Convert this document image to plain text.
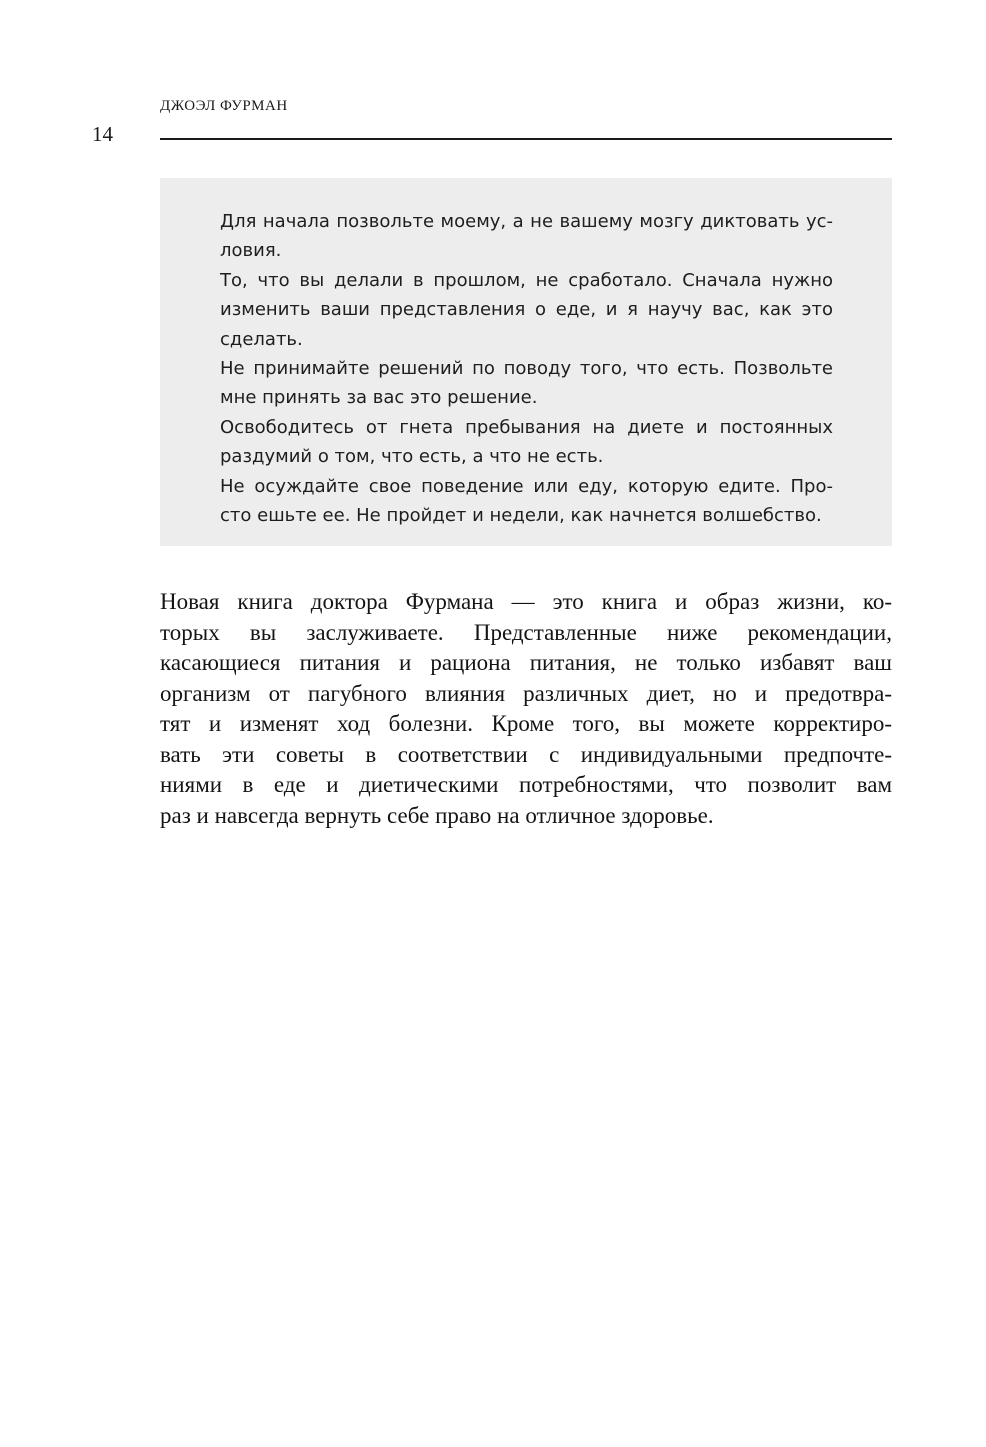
ДЖОЭЛ ФУРМАН
14
Для начала позвольте моему, а не вашему мозгу диктовать ус-
ловия.
То, что вы делали в прошлом, не сработало. Сначала нужно
изменить ваши представления о еде, и я научу вас, как это
сделать.
Не принимайте решений по поводу того, что есть. Позвольте
мне принять за вас это решение.
Освободитесь от гнета пребывания на диете и постоянных
раздумий о том, что есть, а что не есть.
Не осуждайте свое поведение или еду, которую едите. Про-
сто ешьте ее. Не пройдет и недели, как начнется волшебство.
Новая книга доктора Фурмана — это книга и образ жизни, ко-
торых вы заслуживаете. Представленные ниже рекомендации,
касающиеся питания и рациона питания, не только избавят ваш
организм от пагубного влияния различных диет, но и предотвра-
тят и изменят ход болезни. Кроме того, вы можете корректиро-
вать эти советы в соответствии с индивидуальными предпочте-
ниями в еде и диетическими потребностями, что позволит вам
раз и навсегда вернуть себе право на отличное здоровье.
